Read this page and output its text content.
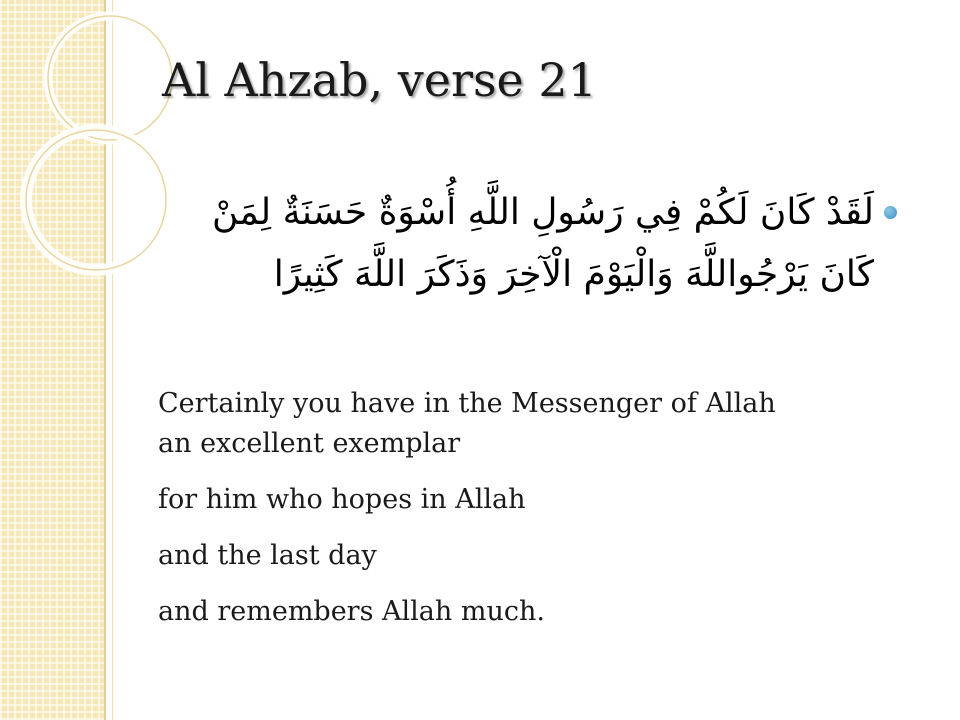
Al Ahzab, verse 21

لَقَدْ كَانَ لَكُمْ فِي رَسُولِ اللَّهِ أُسْوَةٌ حَسَنَةٌ لِمَنْ كَانَ يَرْجُواللَّهَ وَالْيَوْمَ الْآخِرَ وَذَكَرَ اللَّهَ كَثِيرًا

Certainly you have in the Messenger of Allah
an excellent exemplar
for him who hopes in Allah
and the last day
and remembers Allah much.
